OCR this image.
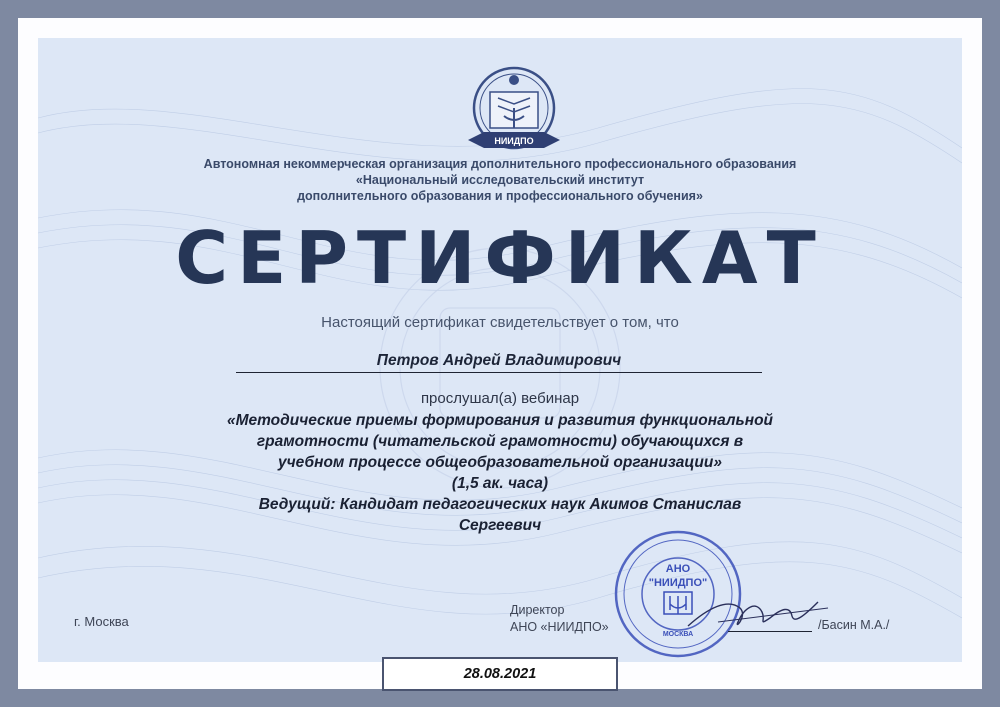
НИИДПО
Автономная некоммерческая организация дополнительного профессионального образования
«Национальный исследовательский институт
дополнительного образования и профессионального обучения»
СЕРТИФИКАТ
Настоящий сертификат свидетельствует о том, что
Петров Андрей Владимирович
прослушал(а) вебинар
«Методические приемы формирования и развития функциональной
грамотности (читательской грамотности) обучающихся в
учебном процессе общеобразовательной организации»
(1,5 ак. часа)
Ведущий: Кандидат педагогических наук Акимов Станислав
Сергеевич
г. Москва
Директор
АНО «НИИДПО»
АНО
"НИИДПО"
МОСКВА
/Басин М.А./
28.08.2021
